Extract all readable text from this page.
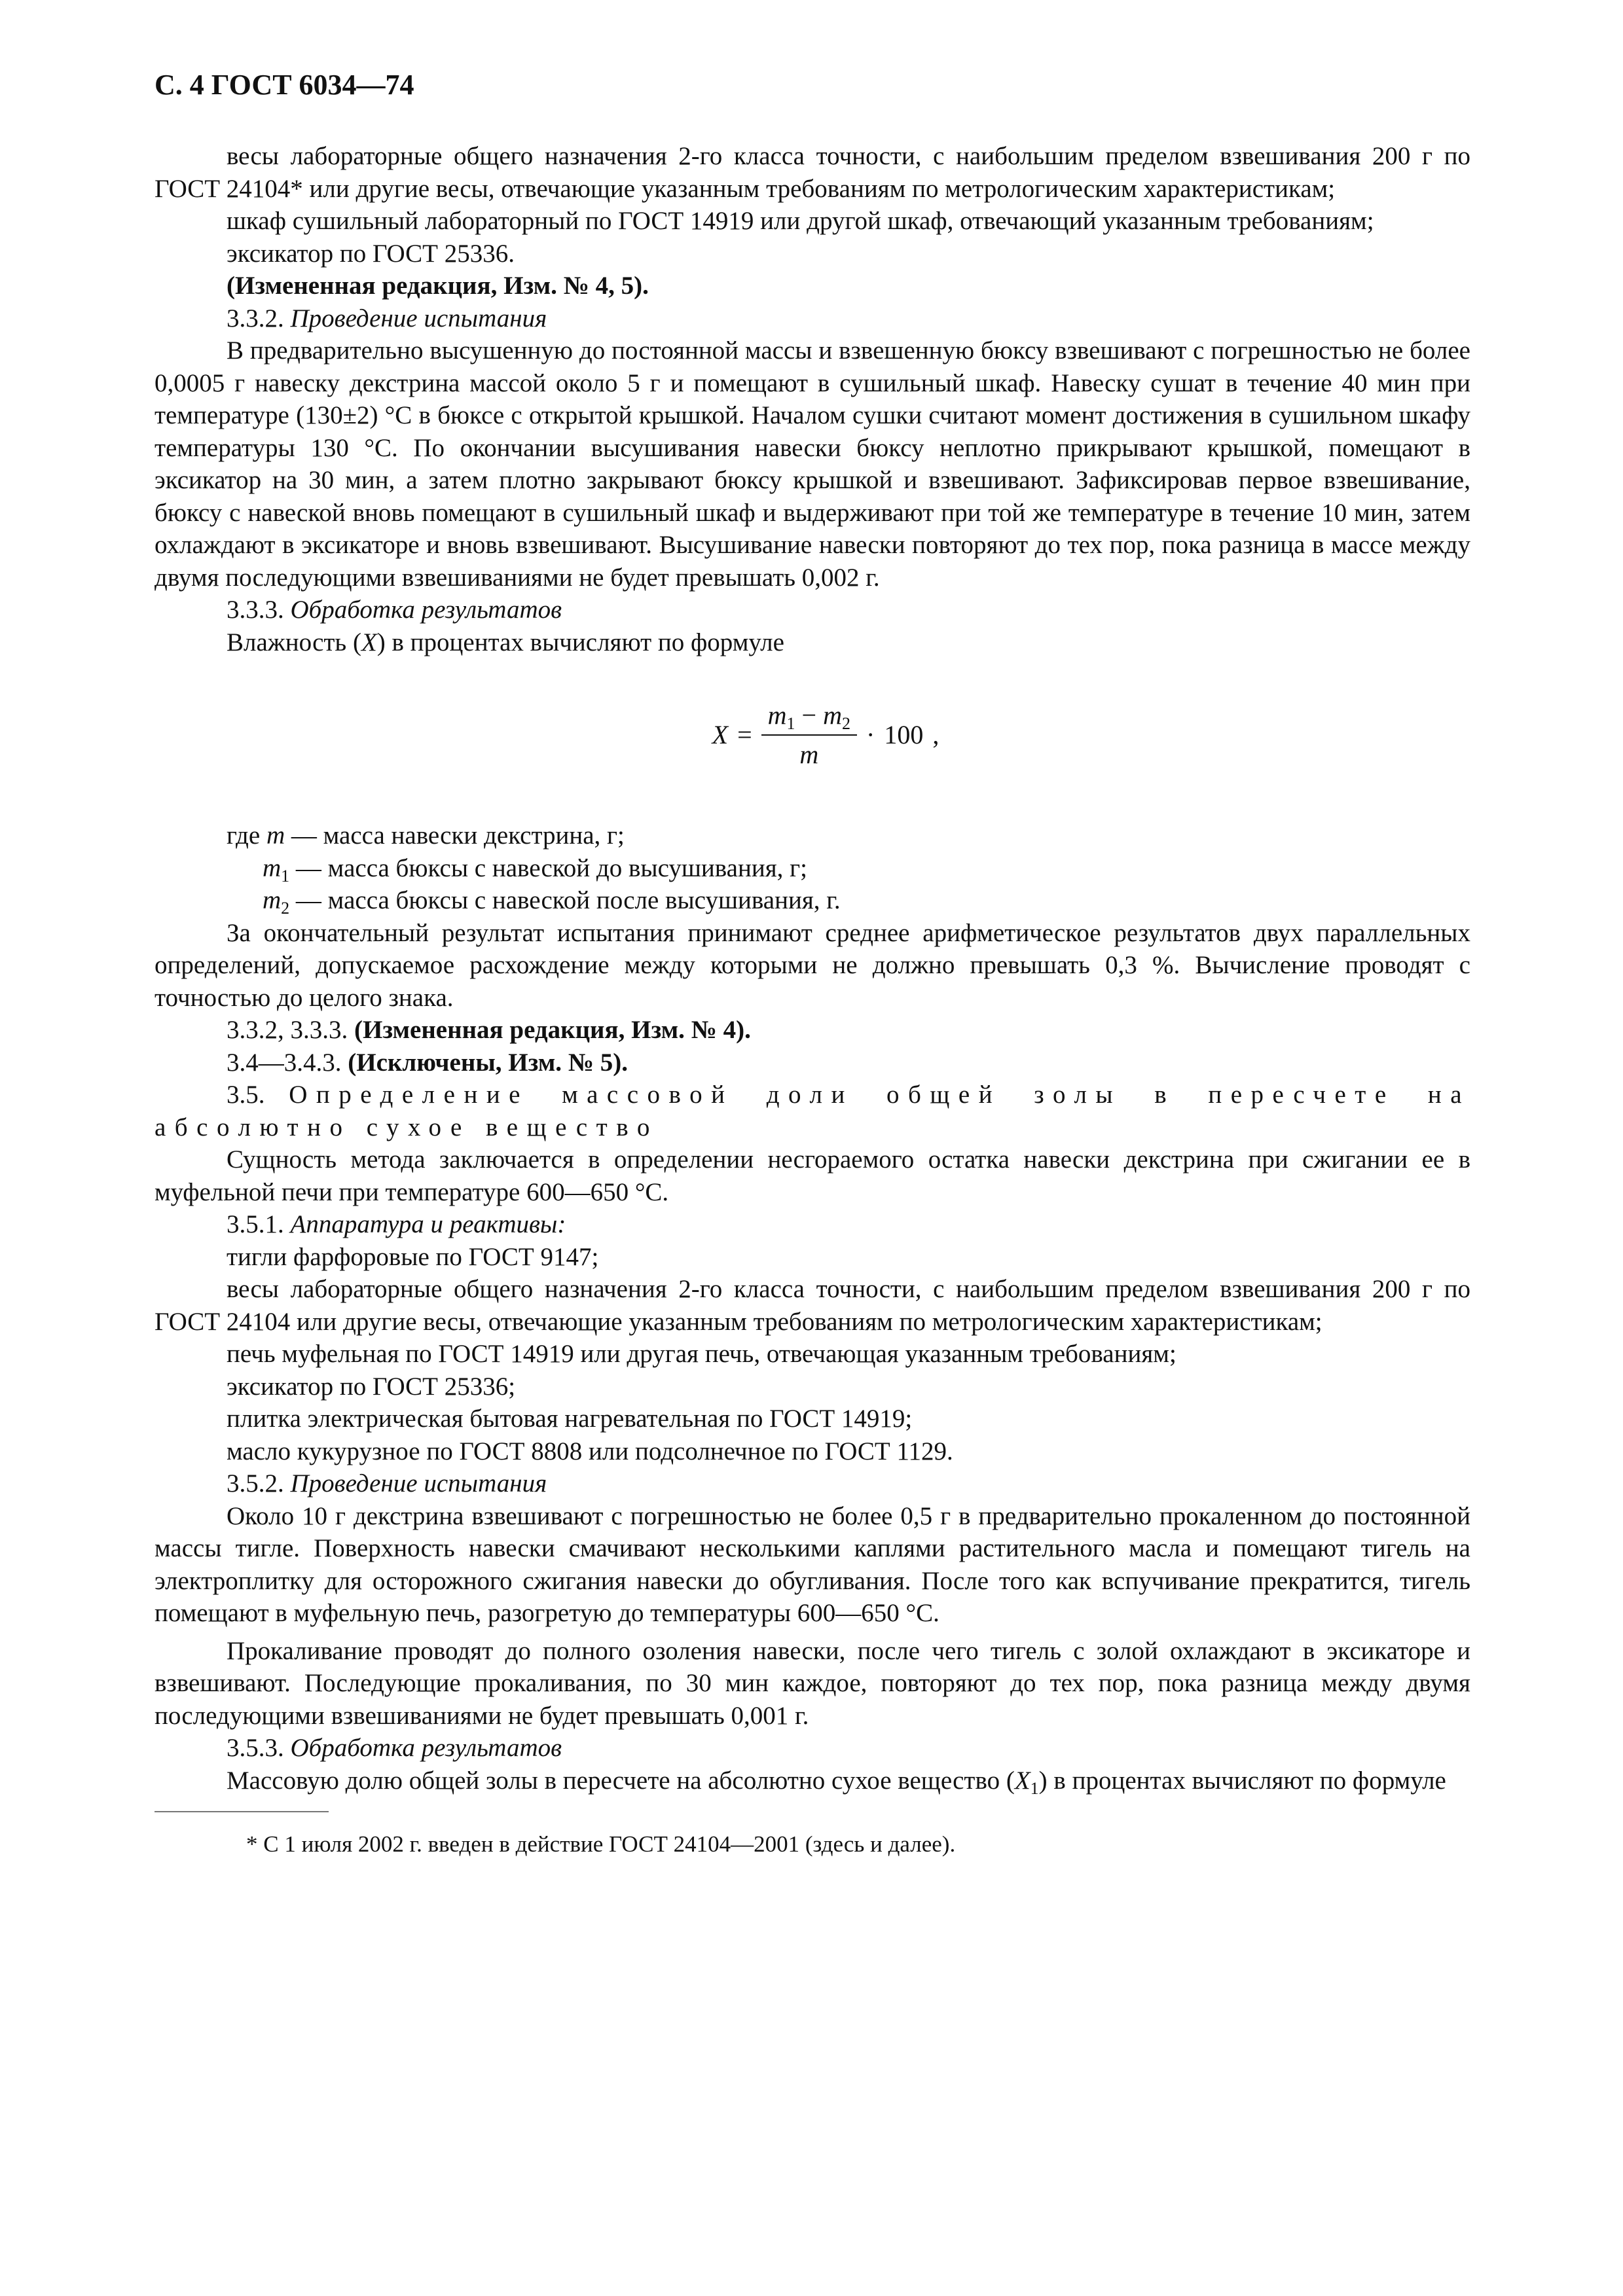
С. 4 ГОСТ 6034—74

весы лабораторные общего назначения 2-го класса точности, с наибольшим пределом взвешивания 200 г по ГОСТ 24104* или другие весы, отвечающие указанным требованиям по метрологическим характеристикам;

шкаф сушильный лабораторный по ГОСТ 14919 или другой шкаф, отвечающий указанным требованиям;

эксикатор по ГОСТ 25336.

(Измененная редакция, Изм. № 4, 5).

3.3.2. Проведение испытания

В предварительно высушенную до постоянной массы и взвешенную бюксу взвешивают с погрешностью не более 0,0005 г навеску декстрина массой около 5 г и помещают в сушильный шкаф. Навеску сушат в течение 40 мин при температуре (130±2) °С в бюксе с открытой крышкой. Началом сушки считают момент достижения в сушильном шкафу температуры 130 °С. По окончании высушивания навески бюксу неплотно прикрывают крышкой, помещают в эксикатор на 30 мин, а затем плотно закрывают бюксу крышкой и взвешивают. Зафиксировав первое взвешивание, бюксу с навеской вновь помещают в сушильный шкаф и выдерживают при той же температуре в течение 10 мин, затем охлаждают в эксикаторе и вновь взвешивают. Высушивание навески повторяют до тех пор, пока разница в массе между двумя последующими взвешиваниями не будет превышать 0,002 г.

3.3.3. Обработка результатов

Влажность (X) в процентах вычисляют по формуле

$X = \frac{m_1 - m_2}{m} \cdot 100$ ,

где m — масса навески декстрина, г;

$m_1$ — масса бюксы с навеской до высушивания, г;

$m_2$ — масса бюксы с навеской после высушивания, г.

За окончательный результат испытания принимают среднее арифметическое результатов двух параллельных определений, допускаемое расхождение между которыми не должно превышать 0,3 %. Вычисление проводят с точностью до целого знака.

3.3.2, 3.3.3. (Измененная редакция, Изм. № 4).

3.4—3.4.3. (Исключены, Изм. № 5).

3.5. Определение массовой доли общей золы в пересчете на абсолютно сухое вещество

Сущность метода заключается в определении несгораемого остатка навески декстрина при сжигании ее в муфельной печи при температуре 600—650 °С.

3.5.1. Аппаратура и реактивы:

тигли фарфоровые по ГОСТ 9147;

весы лабораторные общего назначения 2-го класса точности, с наибольшим пределом взвешивания 200 г по ГОСТ 24104 или другие весы, отвечающие указанным требованиям по метрологическим характеристикам;

печь муфельная по ГОСТ 14919 или другая печь, отвечающая указанным требованиям;

эксикатор по ГОСТ 25336;

плитка электрическая бытовая нагревательная по ГОСТ 14919;

масло кукурузное по ГОСТ 8808 или подсолнечное по ГОСТ 1129.

3.5.2. Проведение испытания

Около 10 г декстрина взвешивают с погрешностью не более 0,5 г в предварительно прокаленном до постоянной массы тигле. Поверхность навески смачивают несколькими каплями растительного масла и помещают тигель на электроплитку для осторожного сжигания навески до обугливания. После того как вспучивание прекратится, тигель помещают в муфельную печь, разогретую до температуры 600—650 °С.

Прокаливание проводят до полного озоления навески, после чего тигель с золой охлаждают в эксикаторе и взвешивают. Последующие прокаливания, по 30 мин каждое, повторяют до тех пор, пока разница между двумя последующими взвешиваниями не будет превышать 0,001 г.

3.5.3. Обработка результатов

Массовую долю общей золы в пересчете на абсолютно сухое вещество $(X_1)$ в процентах вычисляют по формуле

* С 1 июля 2002 г. введен в действие ГОСТ 24104—2001 (здесь и далее).
